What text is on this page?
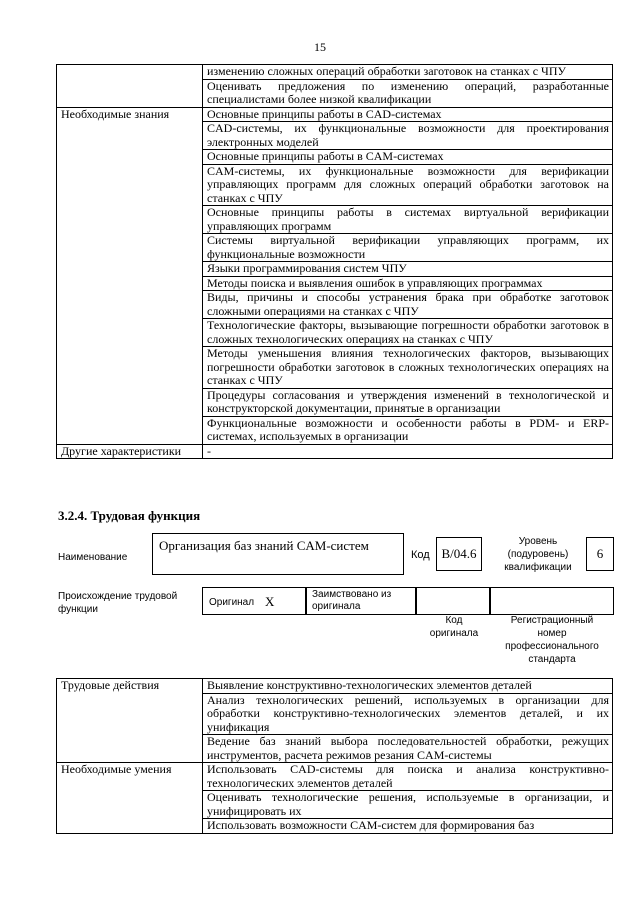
15
	изменению сложных операций обработки заготовок на станках с ЧПУ
	Оценивать предложения по изменению операций, разработанные специалистами более низкой квалификации
Необходимые знания	Основные принципы работы в CAD-системах
	CAD-системы, их функциональные возможности для проектирования электронных моделей
	Основные принципы работы в CAM-системах
	CAM-системы, их функциональные возможности для верификации управляющих программ для сложных операций обработки заготовок на станках с ЧПУ
	Основные принципы работы в системах виртуальной верификации управляющих программ
	Системы виртуальной верификации управляющих программ, их функциональные возможности
	Языки программирования систем ЧПУ
	Методы поиска и выявления ошибок в управляющих программах
	Виды, причины и способы устранения брака при обработке заготовок сложными операциями на станках с ЧПУ
	Технологические факторы, вызывающие погрешности обработки заготовок в сложных технологических операциях на станках с ЧПУ
	Методы уменьшения влияния технологических факторов, вызывающих погрешности обработки заготовок в сложных технологических операциях на станках с ЧПУ
	Процедуры согласования и утверждения изменений в технологической и конструкторской документации, принятые в организации
	Функциональные возможности и особенности работы в PDM- и ERP-системах, используемых в организации
Другие характеристики	-
3.2.4. Трудовая функция
Наименование
Организация баз знаний CAM-систем
Код В/04.6
Уровень (подуровень) квалификации
6
Происхождение трудовой функции
Оригинал X	Заимствовано из оригинала
Код оригинала
Регистрационный номер профессионального стандарта
Трудовые действия	Выявление конструктивно-технологических элементов деталей
	Анализ технологических решений, используемых в организации для обработки конструктивно-технологических элементов деталей, и их унификация
	Ведение баз знаний выбора последовательностей обработки, режущих инструментов, расчета режимов резания CAM-системы
Необходимые умения	Использовать CAD-системы для поиска и анализа конструктивно-технологических элементов деталей
	Оценивать технологические решения, используемые в организации, и унифицировать их
	Использовать возможности CAM-систем для формирования баз
